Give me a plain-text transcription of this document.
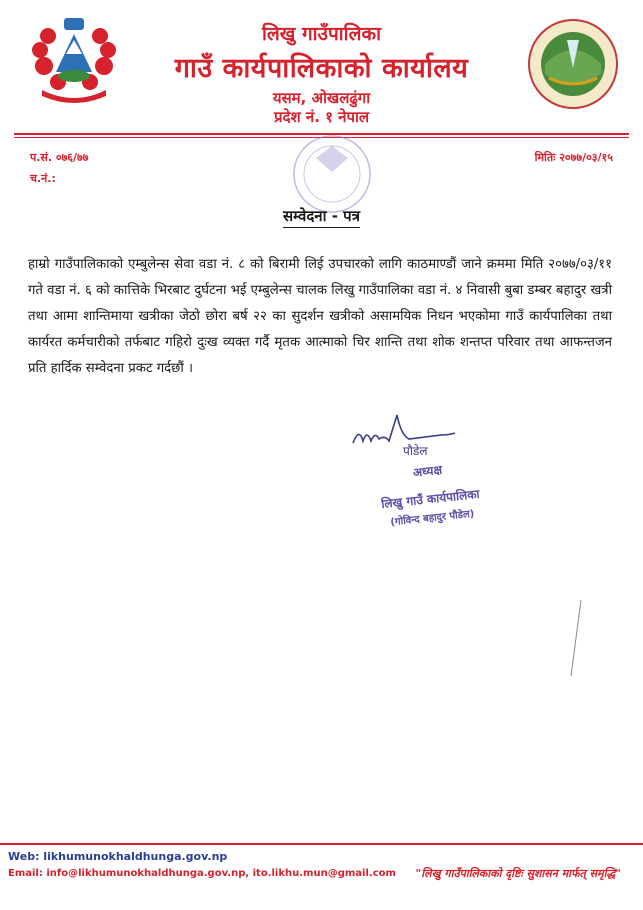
लिखु गाउँपालिका
गाउँ कार्यपालिकाको कार्यालय
यसम, ओखलढुंगा
प्रदेश नं. १ नेपाल
प.सं. ०७६/७७
च.नं.:
मितिः २०७७/०३/१५
सम्वेदना - पत्र
हाम्रो गाउँपालिकाको एम्बुलेन्स सेवा वडा नं. ८ को बिरामी लिई उपचारको लागि काठमाण्डौं जाने क्रममा मिति २०७७/०३/११ गते वडा नं. ६ को कात्तिके भिरबाट दुर्घटना भई एम्बुलेन्स चालक लिखु गाउँपालिका वडा नं. ४ निवासी बुबा डम्बर बहादुर खत्री तथा आमा शान्तिमाया खत्रीका जेठो छोरा बर्ष २२ का सुदर्शन खत्रीको असामयिक निधन भएकोमा गाउँ कार्यपालिका तथा कार्यरत कर्मचारीको तर्फबाट गहिरो दुःख व्यक्त गर्दै मृतक आत्माको चिर शान्ति तथा शोक शन्तप्त परिवार तथा आफन्तजन प्रति हार्दिक सम्वेदना प्रकट गर्दछौं ।
पौडेल
अध्यक्ष
लिखु गाउँ कार्यपालिका
(गोविन्द बहादुर पौडेल)
Web: likhumunokhaldhunga.gov.np
Email: info@likhumunokhaldhunga.gov.np, ito.likhu.mun@gmail.com "लिखु गाउँपालिकाको दृष्टिः सुशासन मार्फत् समृद्धि"
